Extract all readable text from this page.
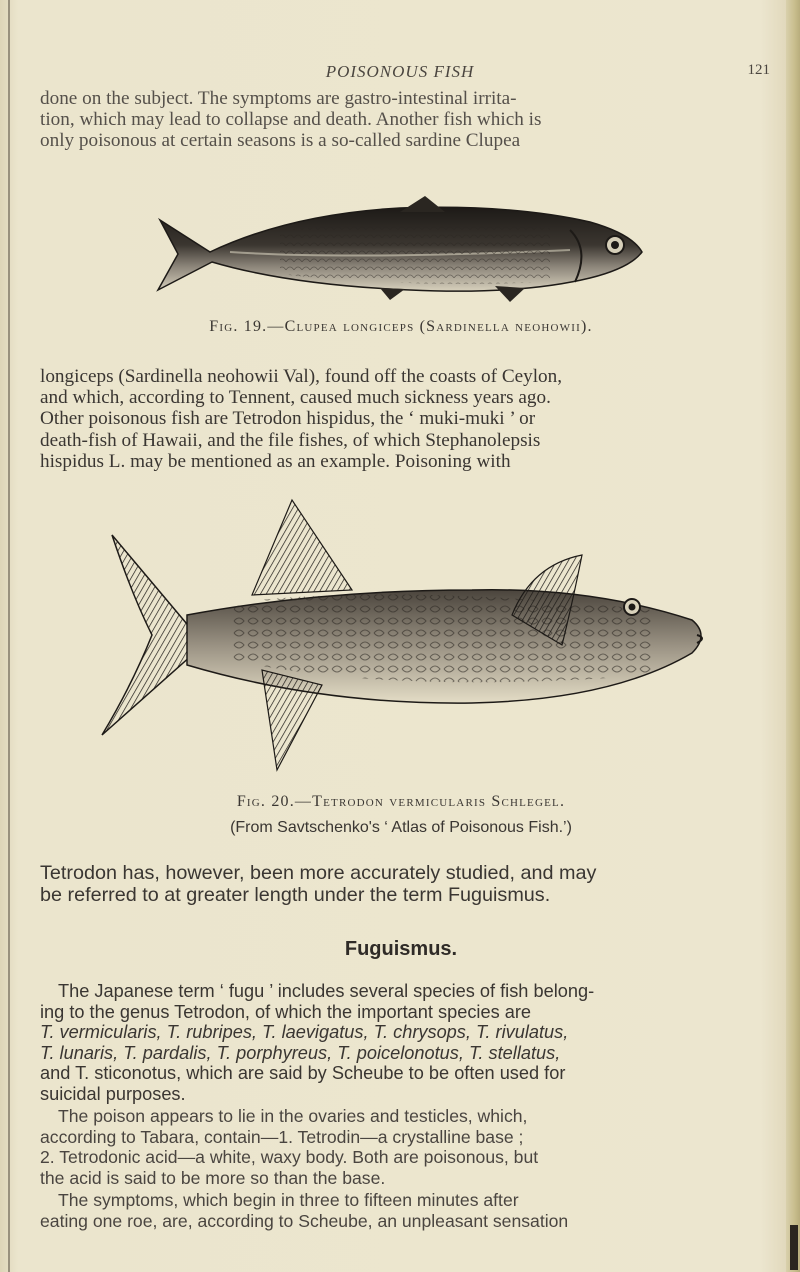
POISONOUS FISH	121

done on the subject. The symptoms are gastro-intestinal irrita-
tion, which may lead to collapse and death. Another fish which is
only poisonous at certain seasons is a so-called sardine Clupea

Fig. 19.—Clupea longiceps (Sardinella neohowii).

longiceps (Sardinella neohowii Val), found off the coasts of Ceylon,
and which, according to Tennent, caused much sickness years ago.
Other poisonous fish are Tetrodon hispidus, the ‘ muki-muki ’ or
death-fish of Hawaii, and the file fishes, of which Stephanolepsis
hispidus L. may be mentioned as an example. Poisoning with

Fig. 20.—Tetrodon vermicularis Schlegel.
(From Savtschenko's ‘ Atlas of Poisonous Fish.’)

Tetrodon has, however, been more accurately studied, and may
be referred to at greater length under the term Fuguismus.

Fuguismus.

The Japanese term ‘ fugu ’ includes several species of fish belong-
ing to the genus Tetrodon, of which the important species are
T. vermicularis, T. rubripes, T. laevigatus, T. chrysops, T. rivulatus,
T. lunaris, T. pardalis, T. porphyreus, T. poicelonotus, T. stellatus,
and T. sticonotus, which are said by Scheube to be often used for
suicidal purposes.

The poison appears to lie in the ovaries and testicles, which,
according to Tabara, contain—1. Tetrodin—a crystalline base ;
2. Tetrodonic acid—a white, waxy body. Both are poisonous, but
the acid is said to be more so than the base.

The symptoms, which begin in three to fifteen minutes after
eating one roe, are, according to Scheube, an unpleasant sensation
